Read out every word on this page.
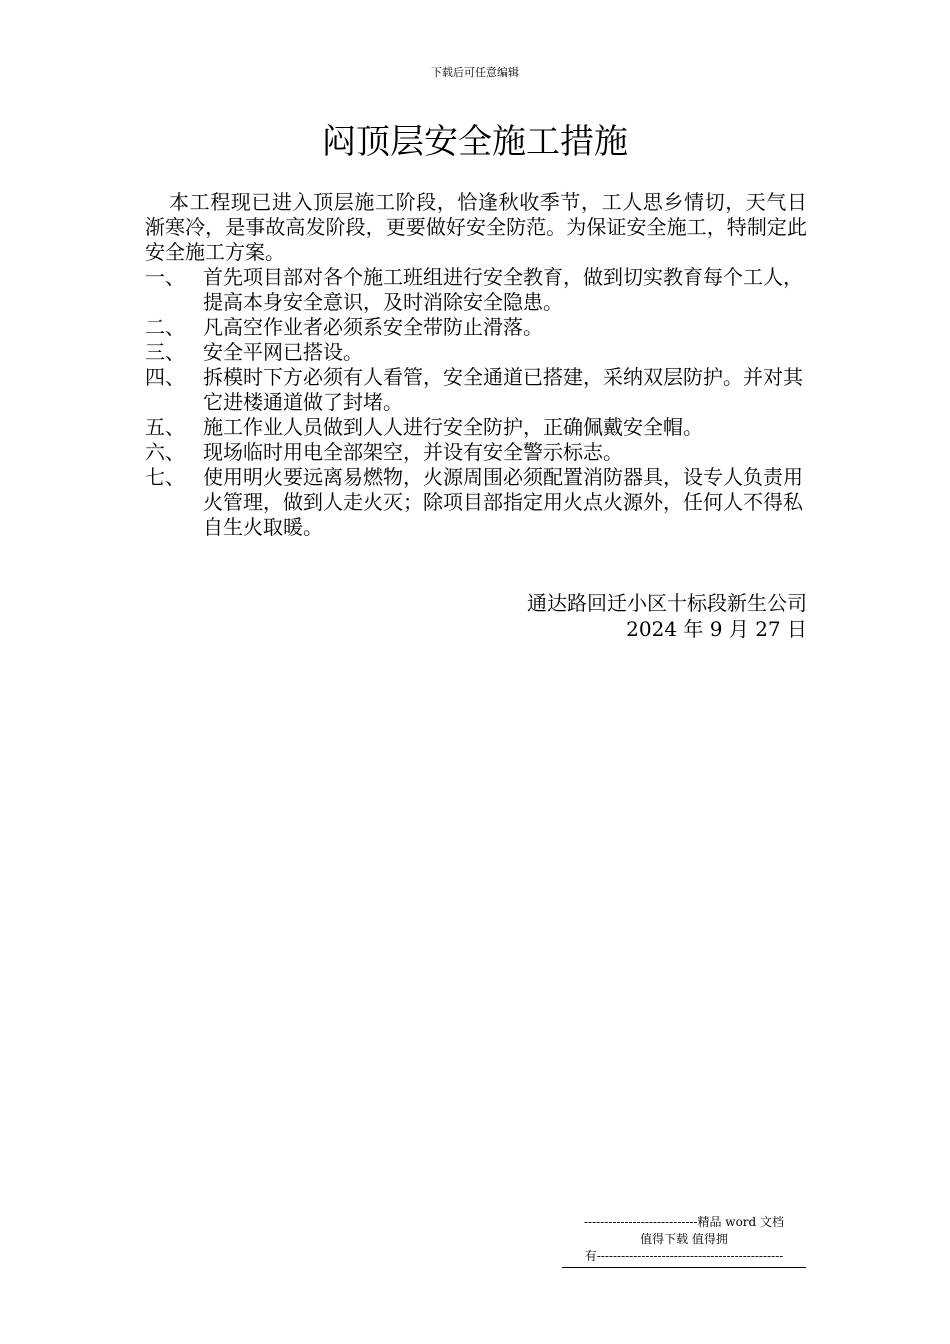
下载后可任意编辑
闷顶层安全施工措施

本工程现已进入顶层施工阶段，恰逢秋收季节，工人思乡情切，天气日渐寒冷，是事故高发阶段，更要做好安全防范。为保证安全施工，特制定此安全施工方案。

一、 首先项目部对各个施工班组进行安全教育，做到切实教育每个工人，提高本身安全意识，及时消除安全隐患。
二、 凡高空作业者必须系安全带防止滑落。
三、 安全平网已搭设。
四、 拆模时下方必须有人看管，安全通道已搭建，采纳双层防护。并对其它进楼通道做了封堵。
五、 施工作业人员做到人人进行安全防护，正确佩戴安全帽。
六、 现场临时用电全部架空，并设有安全警示标志。
七、 使用明火要远离易燃物，火源周围必须配置消防器具，设专人负责用火管理，做到人走火灭；除项目部指定用火点火源外，任何人不得私自生火取暖。
通达路回迁小区十标段新生公司
2024 年 9 月 27 日
----------------------------精品 word 文档
值得下载 值得拥
有----------------------------------------------
